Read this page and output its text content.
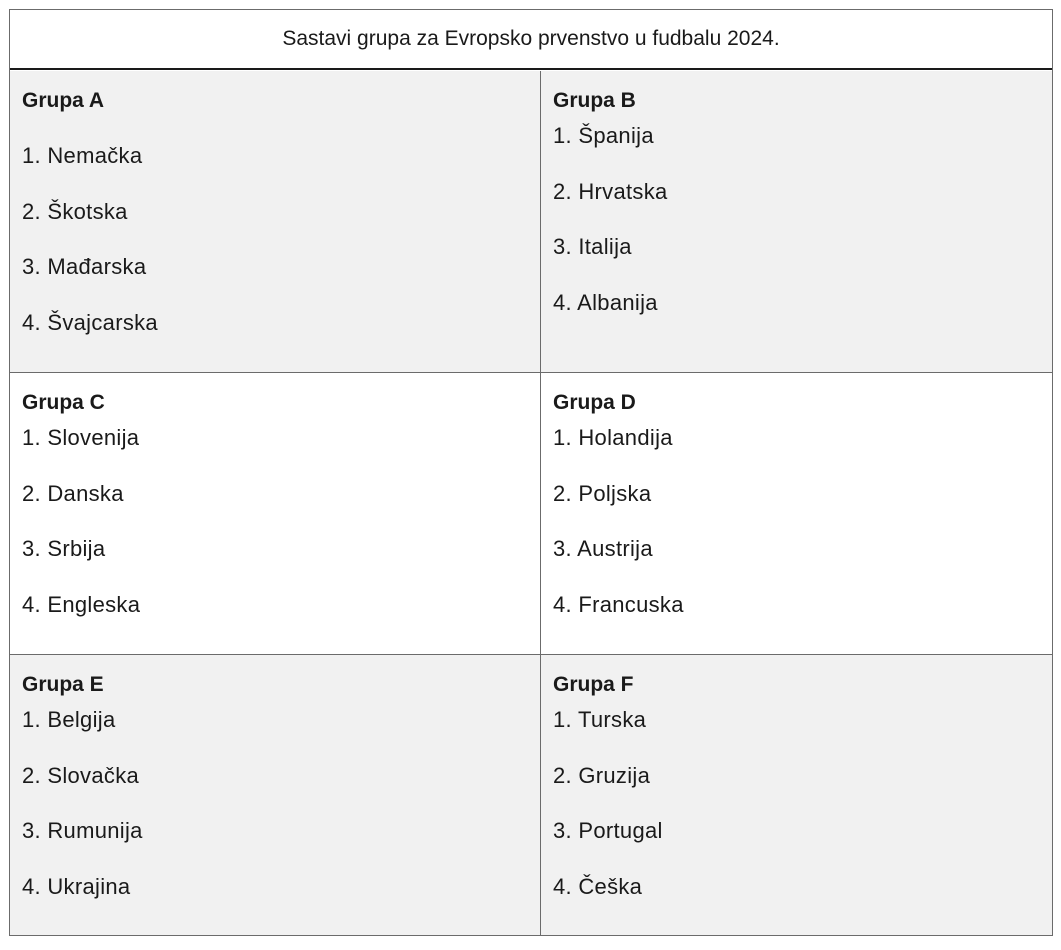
Sastavi grupa za Evropsko prvenstvo u fudbalu 2024.
Grupa A
1. Nemačka
2. Škotska
3. Mađarska
4. Švajcarska
Grupa B
1. Španija
2. Hrvatska
3. Italija
4. Albanija
Grupa C
1. Slovenija
2. Danska
3. Srbija
4. Engleska
Grupa D
1. Holandija
2. Poljska
3. Austrija
4. Francuska
Grupa E
1. Belgija
2. Slovačka
3. Rumunija
4. Ukrajina
Grupa F
1. Turska
2. Gruzija
3. Portugal
4. Češka
